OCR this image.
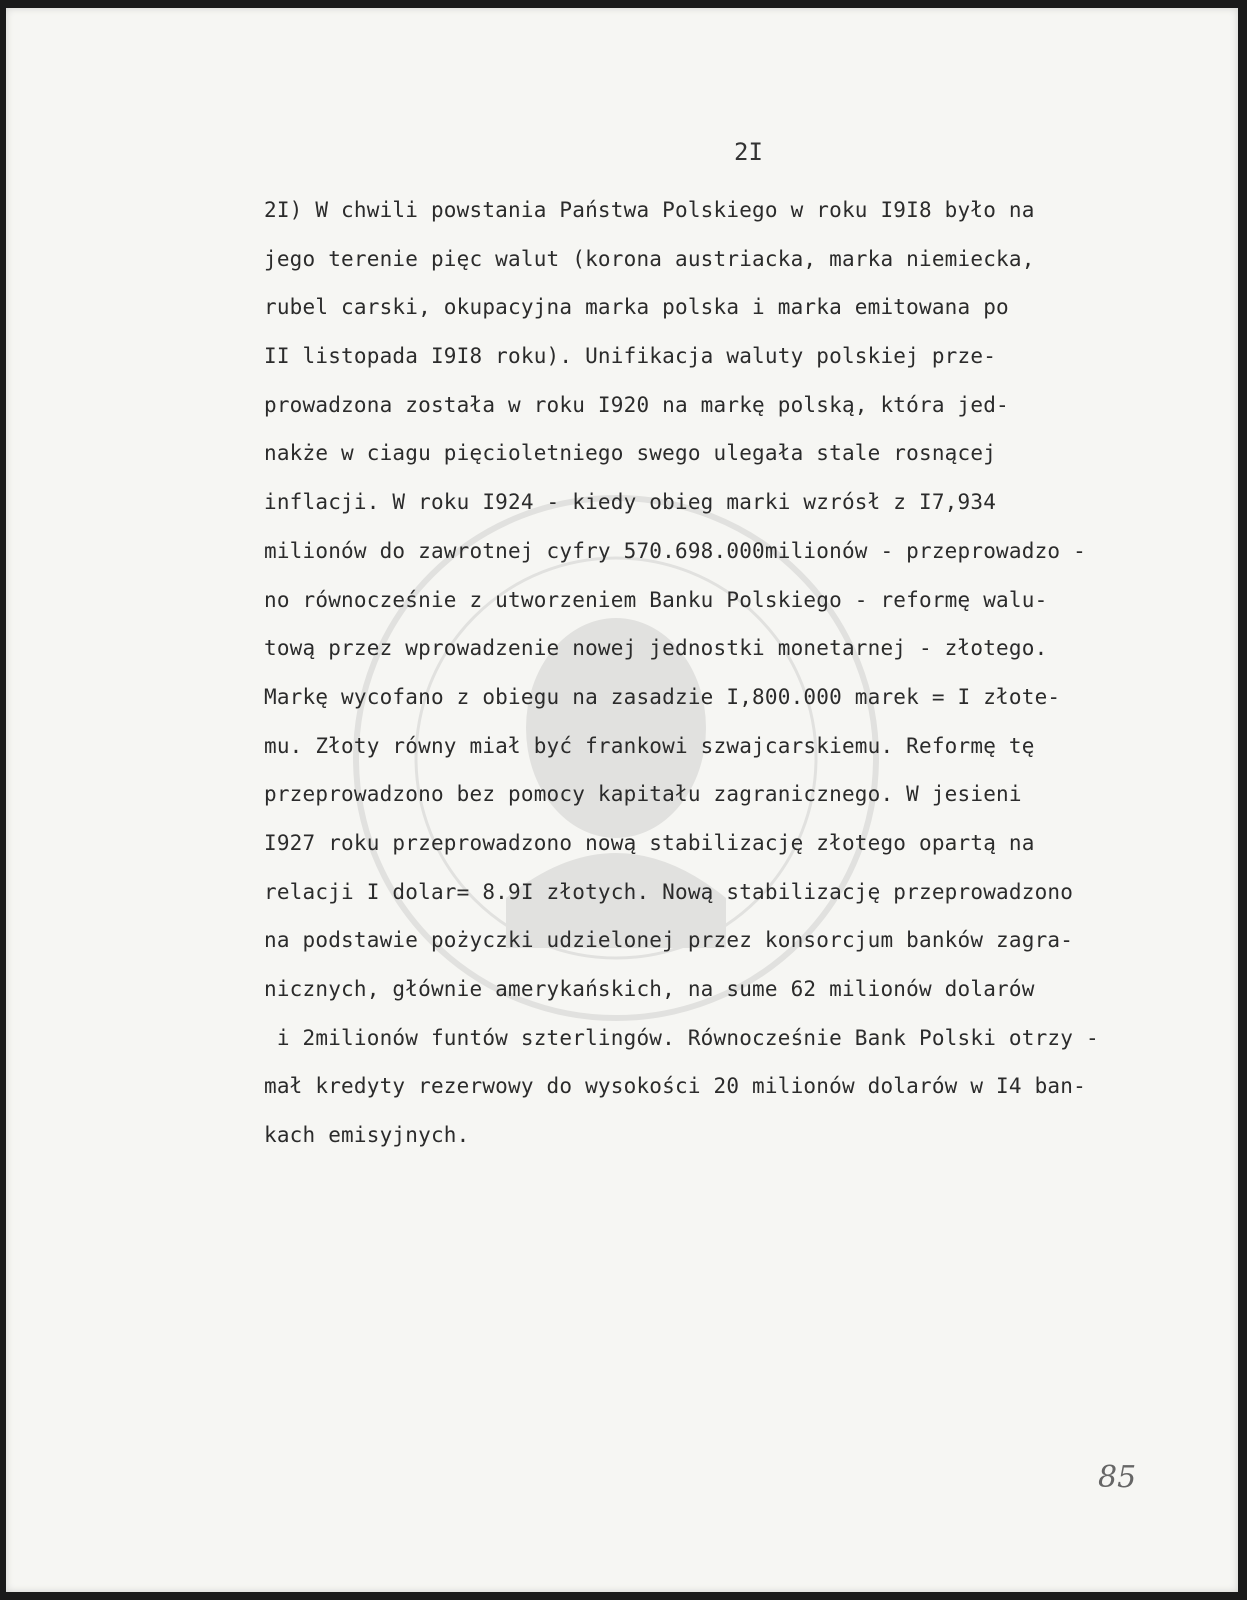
2I
2I) W chwili powstania Państwa Polskiego w roku I9I8 było na
jego terenie pięc walut (korona austriacka, marka niemiecka,
rubel carski, okupacyjna marka polska i marka emitowana po
II listopada I9I8 roku). Unifikacja waluty polskiej prze-
prowadzona została w roku I920 na markę polską, która jed-
nakże w ciagu pięcioletniego swego ulegała stale rosnącej
inflacji. W roku I924 - kiedy obieg marki wzrósł z I7,934
milionów do zawrotnej cyfry 570.698.000milionów - przeprowadzo -
no równocześnie z utworzeniem Banku Polskiego - reformę walu-
tową przez wprowadzenie nowej jednostki monetarnej - złotego.
Markę wycofano z obiegu na zasadzie I,800.000 marek = I złote-
mu. Złoty równy miał być frankowi szwajcarskiemu. Reformę tę
przeprowadzono bez pomocy kapitału zagranicznego. W jesieni
I927 roku przeprowadzono nową stabilizację złotego opartą na
relacji I dolar= 8.9I złotych. Nową stabilizację przeprowadzono
na podstawie pożyczki udzielonej przez konsorcjum banków zagra-
nicznych, głównie amerykańskich, na sume 62 milionów dolarów
i 2milionów funtów szterlingów. Równocześnie Bank Polski otrzy -
mał kredyty rezerwowy do wysokości 20 milionów dolarów w I4 ban-
kach emisyjnych.
85
